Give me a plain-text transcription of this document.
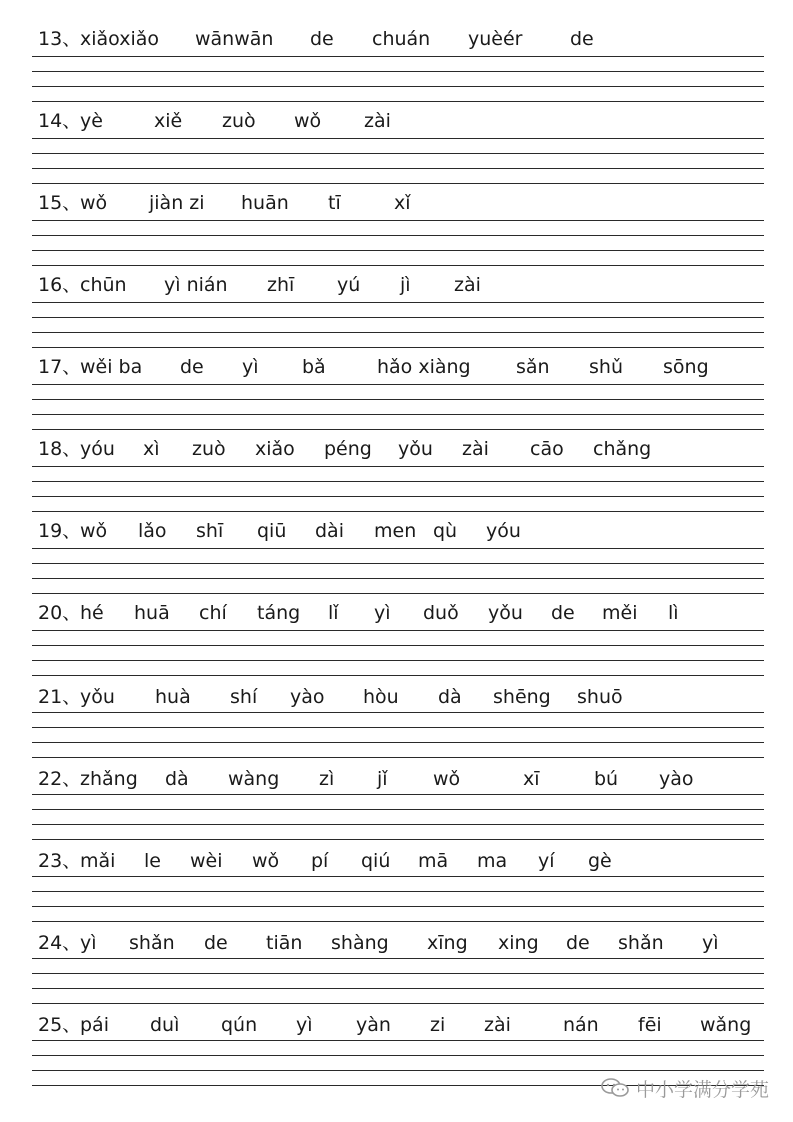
13、
xiǎoxiǎo wānwān de chuán yuèér	de
14、
yè	xiě zuò wǒ zài
15、
wǒ jiàn zi huān tī	xǐ
16、
chūn yì nián zhī yú jì zài
17、
wěi ba de yì bǎ	hǎo xiàng sǎn shǔ sōng
18、
yóu xì zuò xiǎo péng yǒu zài cāo chǎng
19、
wǒ lǎo shī qiū dài men qù yóu
20、
hé huā chí táng lǐ yì duǒ yǒu de měi lì
21、
yǒu huà shí yào hòu dà shēng shuō
22、
zhǎng dà wàng zì jǐ wǒ	xī	bú yào
23、
mǎi le wèi wǒ pí qiú mā ma yí gè
24、
yì shǎn de tiān shàng xīng xing de shǎn yì
25、
pái duì qún yì yàn zi zài	nán fēi wǎng
中小学满分学苑
